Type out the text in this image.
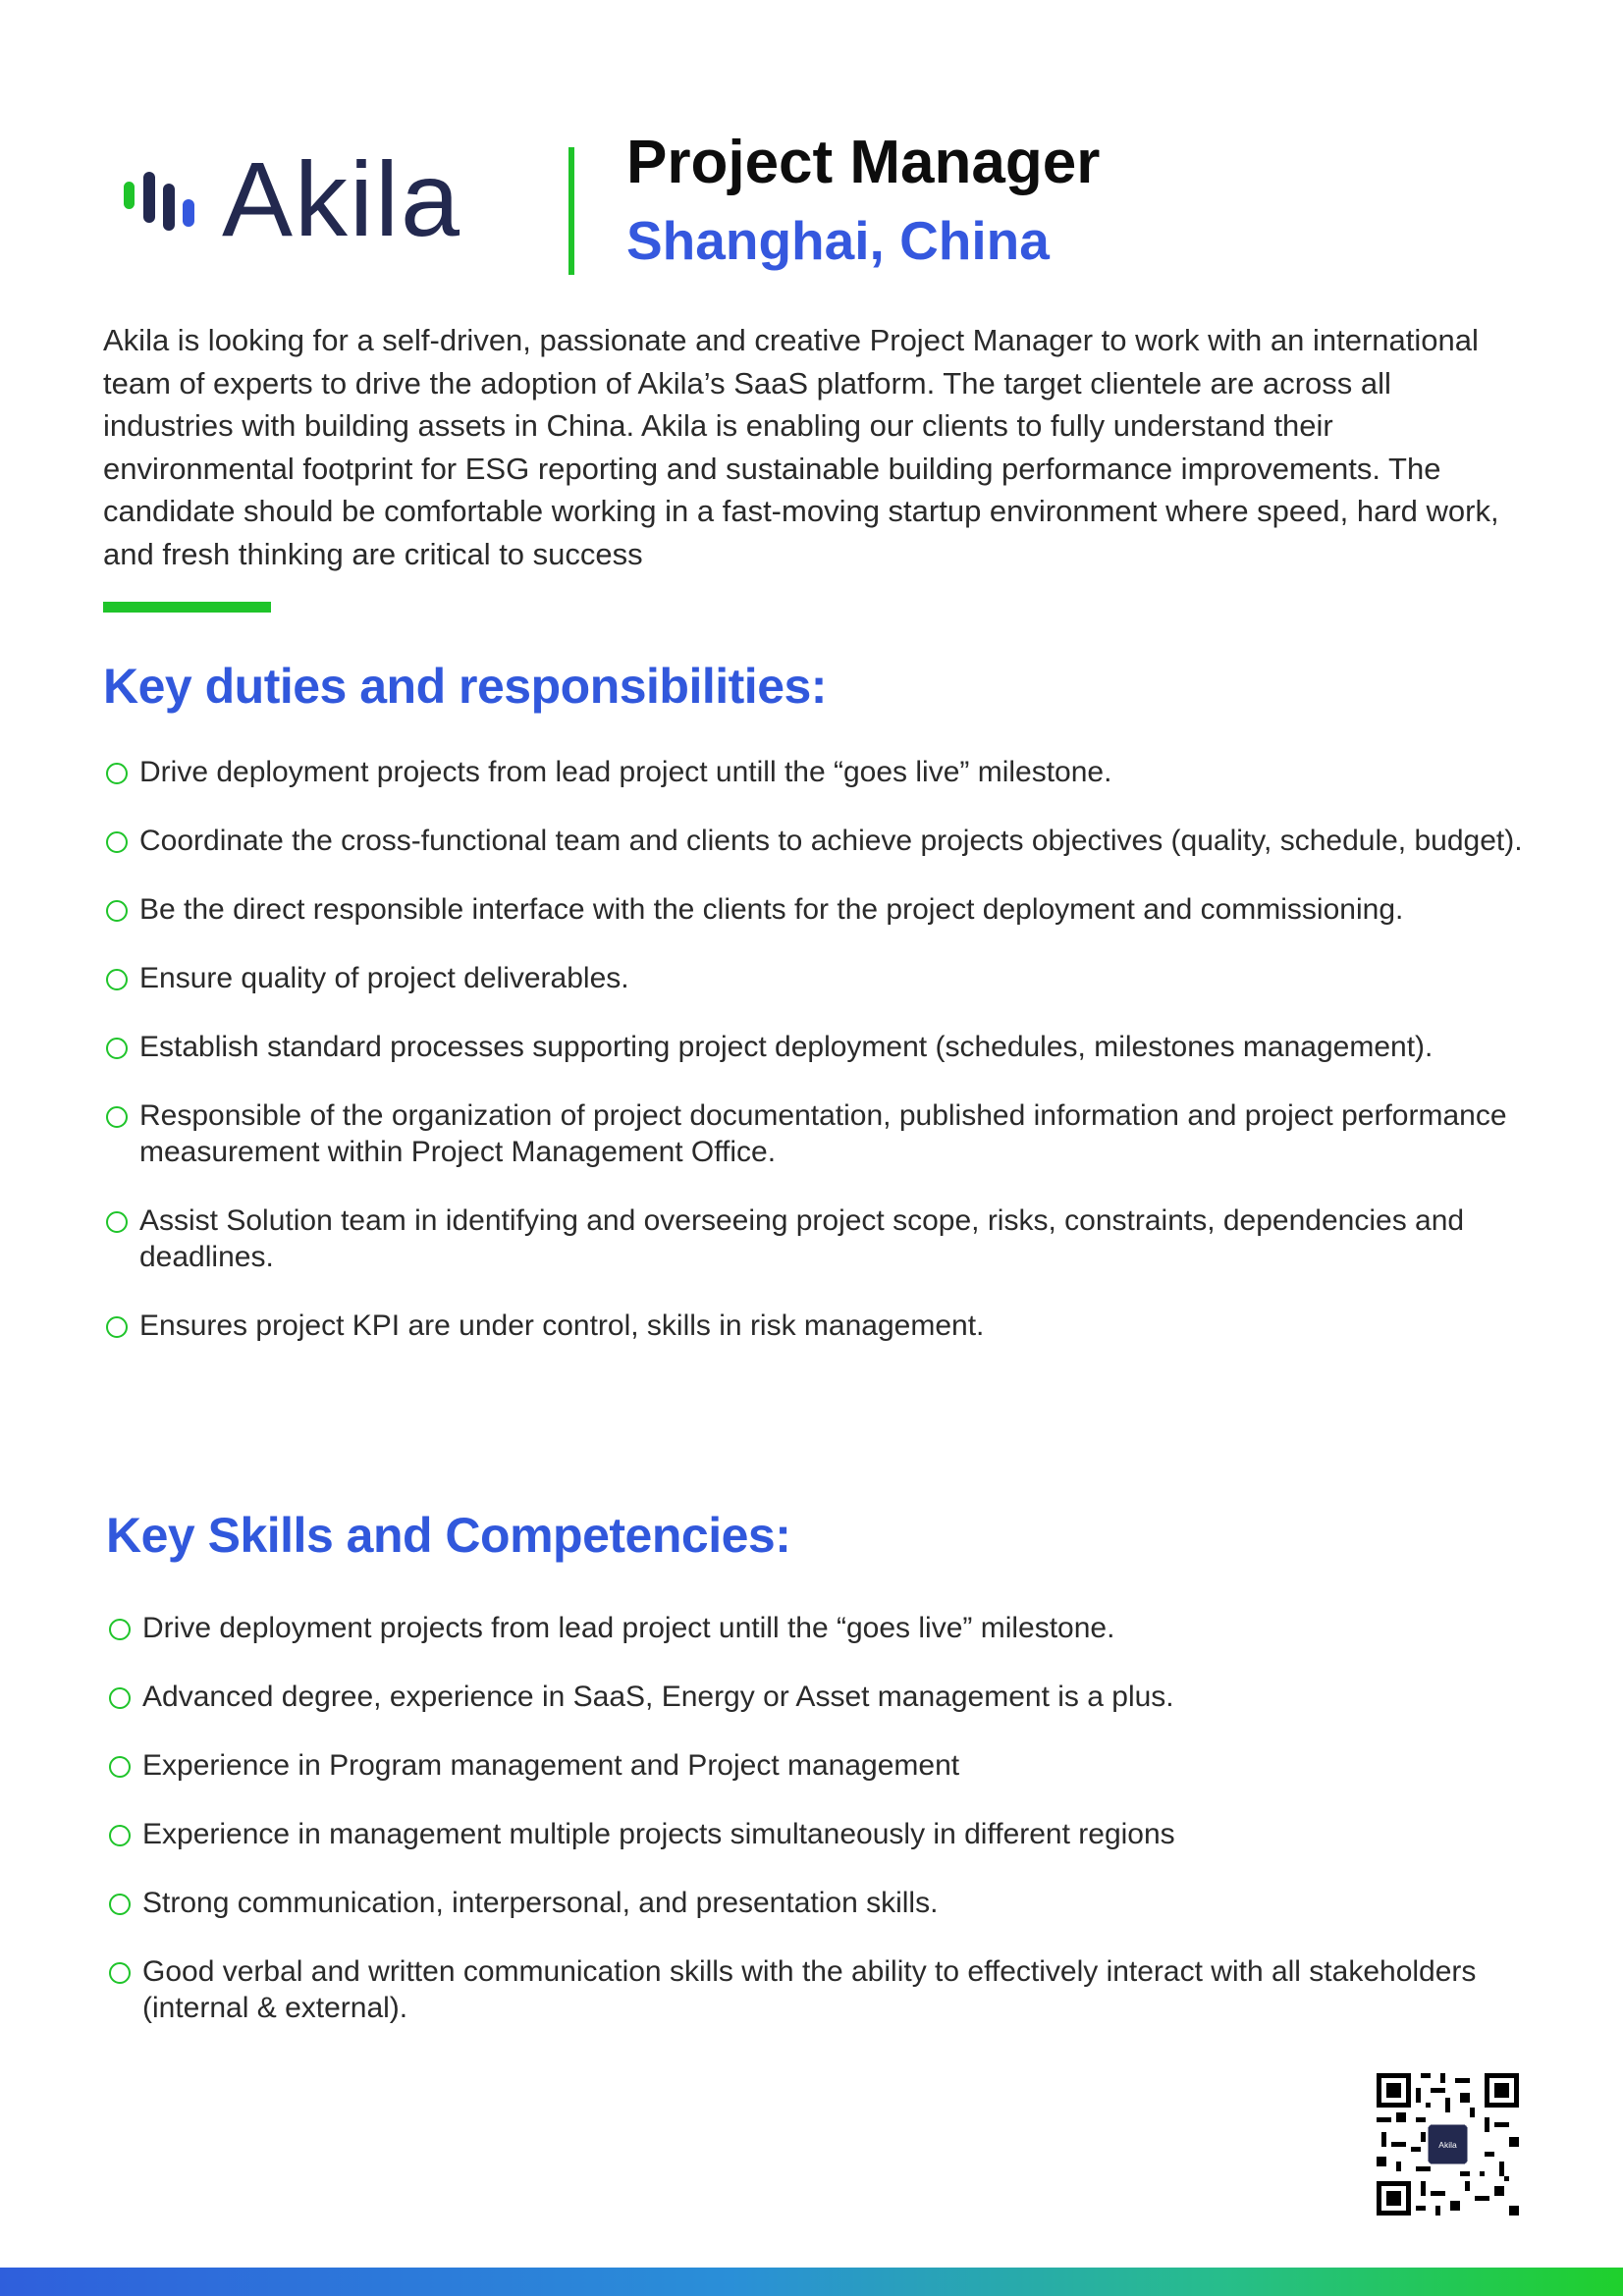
Akila	Project Manager
Shanghai, China

Akila is looking for a self-driven, passionate and creative Project Manager to work with an international team of experts to drive the adoption of Akila’s SaaS platform. The target clientele are across all industries with building assets in China. Akila is enabling our clients to fully understand their environmental footprint for ESG reporting and sustainable building performance improvements. The candidate should be comfortable working in a fast-moving startup environment where speed, hard work, and fresh thinking are critical to success

Key duties and responsibilities:
Drive deployment projects from lead project untill the “goes live” milestone.
Coordinate the cross-functional team and clients to achieve projects objectives (quality, schedule, budget).
Be the direct responsible interface with the clients for the project deployment and commissioning.
Ensure quality of project deliverables.
Establish standard processes supporting project deployment (schedules, milestones management).
Responsible of the organization of project documentation, published information and project performance measurement within Project Management Office.
Assist Solution team in identifying and overseeing project scope, risks, constraints, dependencies and deadlines.
Ensures project KPI are under control, skills in risk management.
Key Skills and Competencies:
Drive deployment projects from lead project untill the “goes live” milestone.
Advanced degree, experience in SaaS, Energy or Asset management is a plus.
Experience in Program management and Project management
Experience in management multiple projects simultaneously in different regions
Strong communication, interpersonal, and presentation skills.
Good verbal and written communication skills with the ability to effectively interact with all stakeholders (internal & external).
Akila
